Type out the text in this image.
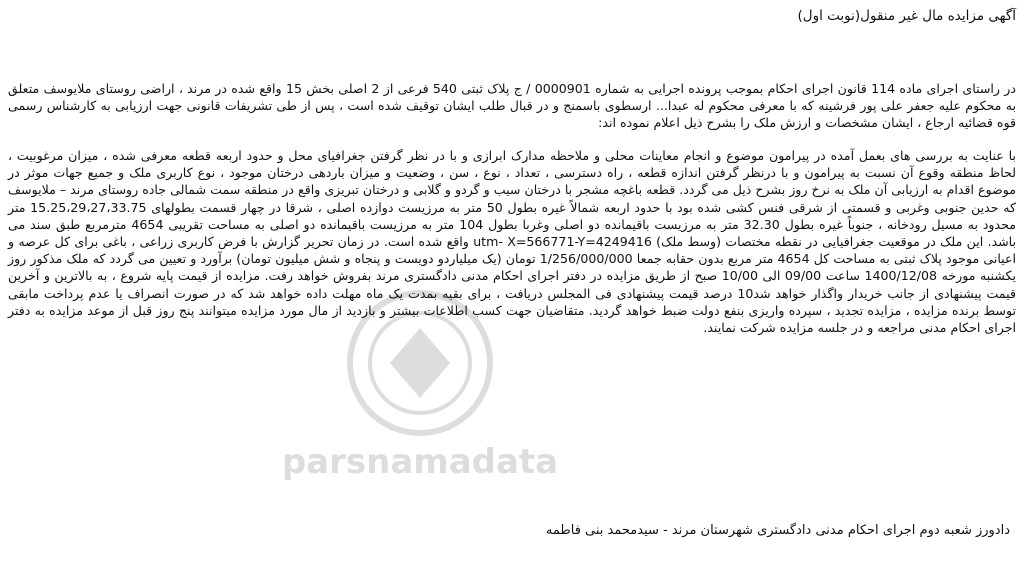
آگهی مزایده مال غیر منقول(نوبت اول)

در راستای اجرای ماده 114 قانون اجرای احکام بموجب پرونده اجرایی به شماره 0000901 / ج پلاک ثبتی 540 فرعی از 2 اصلی بخش 15 واقع شده در مرند ، اراضی روستای ملایوسف متعلق به محکوم علیه جعفر علی پور فرشینه که با معرفی محکوم له عبدا... ارسطوی باسمنج و در قبال طلب ایشان توقیف شده است ، پس از طی تشریفات قانونی جهت ارزیابی به کارشناس رسمی قوه قضائیه ارجاع ، ایشان مشخصات و ارزش ملک را بشرح ذیل اعلام نموده اند:

با عنایت به بررسی های بعمل آمده در پیرامون موضوع و انجام معاینات محلی و ملاحظه مدارک ابرازی و با در نظر گرفتن جغرافیای محل و حدود اربعه قطعه معرفی شده ، میزان مرغوبیت ، لحاظ منطقه وقوع آن نسبت به پیرامون و با درنظر گرفتن اندازه قطعه ، راه دسترسی ، تعداد ، نوع ، سن ، وضعیت و میزان باردهی درختان موجود ، نوع کاربری ملک و جمیع جهات موثر در موضوع اقدام به ارزیابی آن ملک به نرخ روز بشرح ذیل می گردد. قطعه باغچه مشجر با درختان سیب و گردو و گلابی و درختان تبریزی واقع در منطقه سمت شمالی جاده روستای مرند – ملایوسف که حدین جنوبی وغربی و قسمتی از شرقی فنس کشی شده بود با حدود اربعه شمالاً غیره بطول 50 متر به مرزیست دوازده اصلی ، شرقا در چهار قسمت بطولهای 15.25،29،27،33.75 متر محدود به مسیل رودخانه ، جنوباً غیره بطول 32.30 متر به مرزیست باقیمانده دو اصلی وغربا بطول 104 متر به مرزیست باقیمانده دو اصلی به مساحت تقریبی 4654 مترمربع طبق سند می باشد. این ملک در موقعیت جغرافیایی در نقطه مختصات (وسط ملک) utm- X=566771-Y=4249416 واقع شده است. در زمان تحریر گزارش با فرض کاربری زراعی ، باغی برای کل عرصه و اعیانی موجود پلاک ثبتی به مساحت کل 4654 متر مربع بدون حقابه جمعا 1/256/000/000 تومان (یک میلیاردو دویست و پنجاه و شش میلیون تومان) برآورد و تعیین می گردد که ملک مذکور روز یکشنبه مورخه 1400/12/08 ساعت 09/00 الی 10/00 صبح از طریق مزایده در دفتر اجرای احکام مدنی دادگستری مرند بفروش خواهد رفت. مزایده از قیمت پایه شروع ، به بالاترین و آخرین قیمت پیشنهادی از جانب خریدار واگذار خواهد شد10 درصد قیمت پیشنهادی فی المجلس دریافت ، برای بقیه بمدت یک ماه مهلت داده خواهد شد که در صورت انصراف یا عدم پرداخت مابقی توسط برنده مزایده ، مزایده تجدید ، سپرده واریزی بنفع دولت ضبط خواهد گردید. متقاضیان جهت کسب اطلاعات بیشتر و بازدید از مال مورد مزایده میتوانند پنج روز قبل از موعد مزایده به دفتر اجرای احکام مدنی مراجعه و در جلسه مزایده شرکت نمایند.

دادورز شعبه دوم اجرای احکام مدنی دادگستری شهرستان مرند - سیدمحمد بنی فاطمه
parsnamadata
